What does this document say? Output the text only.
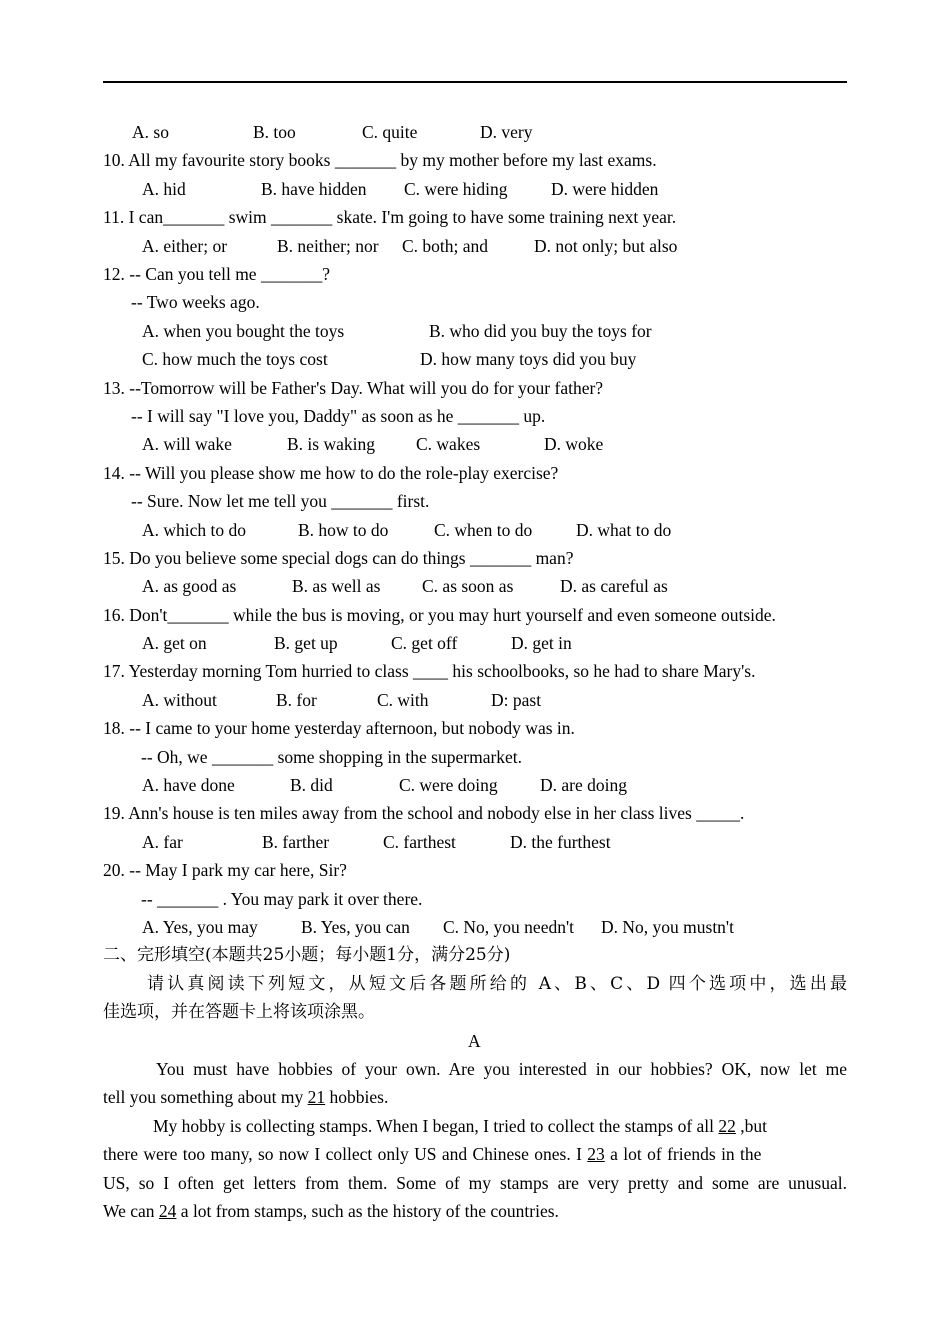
A. so

	B. too

	C. quite

	D. very

10. All my favourite story books _______ by my mother before my last exams.

A. hid

	B. have hidden

C. were hiding

D. were hidden

11. I can_______ swim _______ skate. I'm going to have some training next year.

A. either; or

	B. neither; nor

C. both; and

	D. not only; but also

12. -- Can you tell me _______?
-- Two weeks ago.

A. when you bought the toys

	B. who did you buy the toys for

C. how much the toys cost

	D. how many toys did you buy

13. --Tomorrow will be Father's Day. What will you do for your father?
-- I will say "I love you, Daddy" as soon as he _______ up.

A. will wake

	B. is waking

C. wakes

	D. woke

14. -- Will you please show me how to do the role-play exercise?
-- Sure. Now let me tell you _______ first.

A. which to do

	B. how to do

	C. when to do

	D. what to do

15. Do you believe some special dogs can do things _______ man?

A. as good as

	B. as well as

C. as soon as

	D. as careful as

16. Don't_______ while the bus is moving, or you may hurt yourself and even someone outside.

A. get on

	B. get up

	C. get off

	D. get in

17. Yesterday morning Tom hurried to class ____ his schoolbooks, so he had to share Mary's.

A. without

	B. for

	C. with

	D: past

18. -- I came to your home yesterday afternoon, but nobody was in.
-- Oh, we _______ some shopping in the supermarket.

A. have done

	B. did

	C. were doing

D. are doing

19. Ann's house is ten miles away from the school and nobody else in her class lives _____.

A. far

	B. farther

	C. farthest

	D. the furthest

20. -- May I park my car here, Sir?
-- _______ . You may park it over there.

A. Yes, you may

B. Yes, you can

C. No, you needn't

D. No, you mustn't

二、完形填空(本题共25小题；每小题1分，满分25分)
请认真阅读下列短文，从短文后各题所给的 A、B、C、D 四个选项中，选出最
佳选项，并在答题卡上将该项涂黑。
A
You must have hobbies of your own. Are you interested in our hobbies? OK, now let me
tell you something about my 21 hobbies.
My hobby is collecting stamps. When I began, I tried to collect the stamps of all 22 ,but
there were too many, so now I collect only US and Chinese ones. I 23 a lot of friends in the
US, so I often get letters from them. Some of my stamps are very pretty and some are unusual.
We can 24 a lot from stamps, such as the history of the countries.
